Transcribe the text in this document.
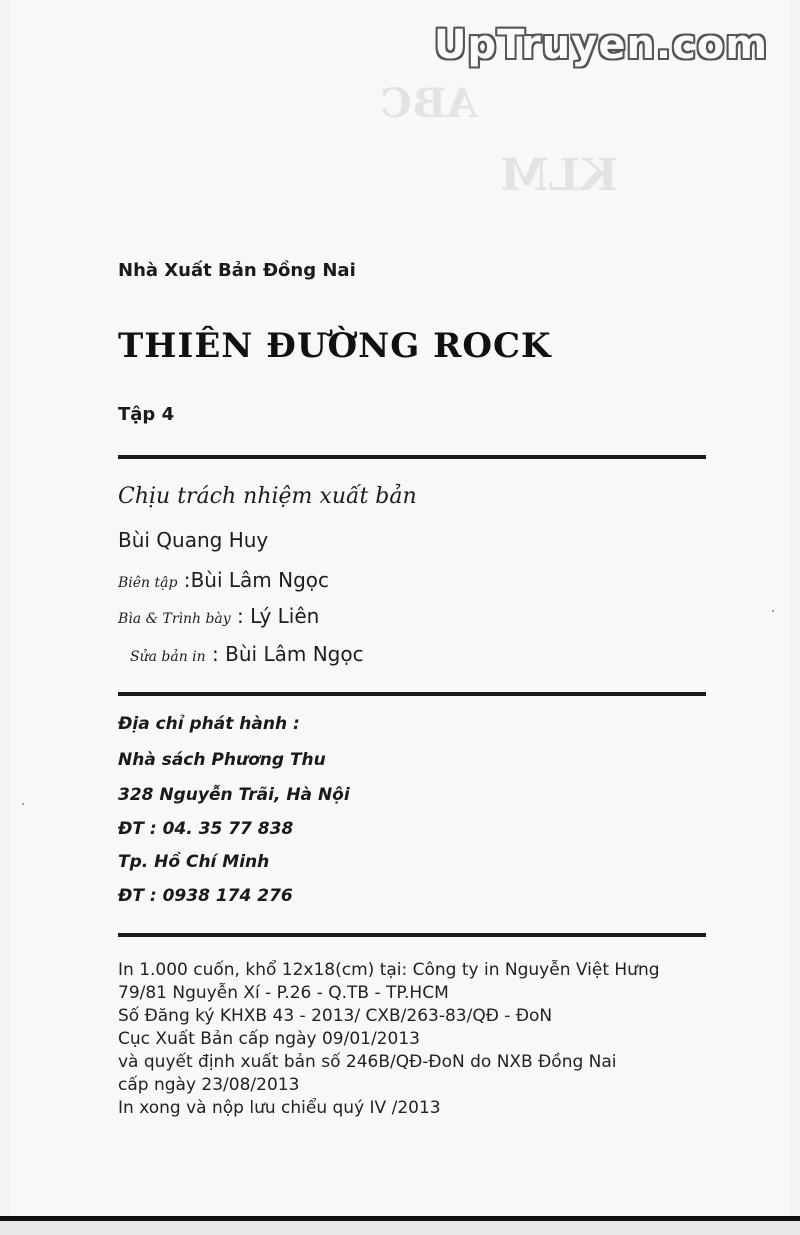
ABC
KLM
UpTruyen.com
Nhà Xuất Bản Đồng Nai
THIÊN ĐƯỜNG ROCK
Tập 4
Chịu trách nhiệm xuất bản
Bùi Quang Huy
Biên tập :Bùi Lâm Ngọc
Bìa & Trình bày : Lý Liên
Sửa bản in : Bùi Lâm Ngọc
Địa chỉ phát hành :
Nhà sách Phương Thu
328 Nguyễn Trãi, Hà Nội
ĐT : 04. 35 77 838
Tp. Hồ Chí Minh
ĐT : 0938 174 276
In 1.000 cuốn, khổ 12x18(cm) tại: Công ty in Nguyễn Việt Hưng
79/81 Nguyễn Xí - P.26 - Q.TB - TP.HCM
Số Đăng ký KHXB 43 - 2013/ CXB/263-83/QĐ - ĐoN
Cục Xuất Bản cấp ngày 09/01/2013
và quyết định xuất bản số 246B/QĐ-ĐoN do NXB Đồng Nai
cấp ngày 23/08/2013
In xong và nộp lưu chiểu quý IV /2013
